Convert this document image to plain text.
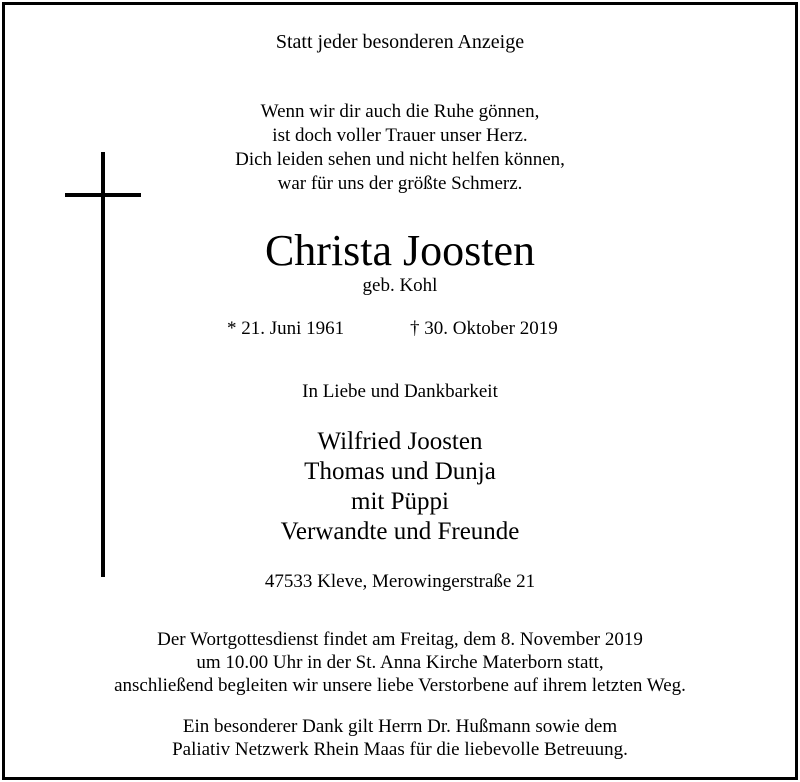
Statt jeder besonderen Anzeige
Wenn wir dir auch die Ruhe gönnen,
ist doch voller Trauer unser Herz.
Dich leiden sehen und nicht helfen können,
war für uns der größte Schmerz.
Christa Joosten
geb. Kohl
* 21. Juni 1961	† 30. Oktober 2019
In Liebe und Dankbarkeit
Wilfried Joosten
Thomas und Dunja
mit Püppi
Verwandte und Freunde
47533 Kleve, Merowingerstraße 21
Der Wortgottesdienst findet am Freitag, dem 8. November 2019
um 10.00 Uhr in der St. Anna Kirche Materborn statt,
anschließend begleiten wir unsere liebe Verstorbene auf ihrem letzten Weg.
Ein besonderer Dank gilt Herrn Dr. Hußmann sowie dem
Paliativ Netzwerk Rhein Maas für die liebevolle Betreuung.
